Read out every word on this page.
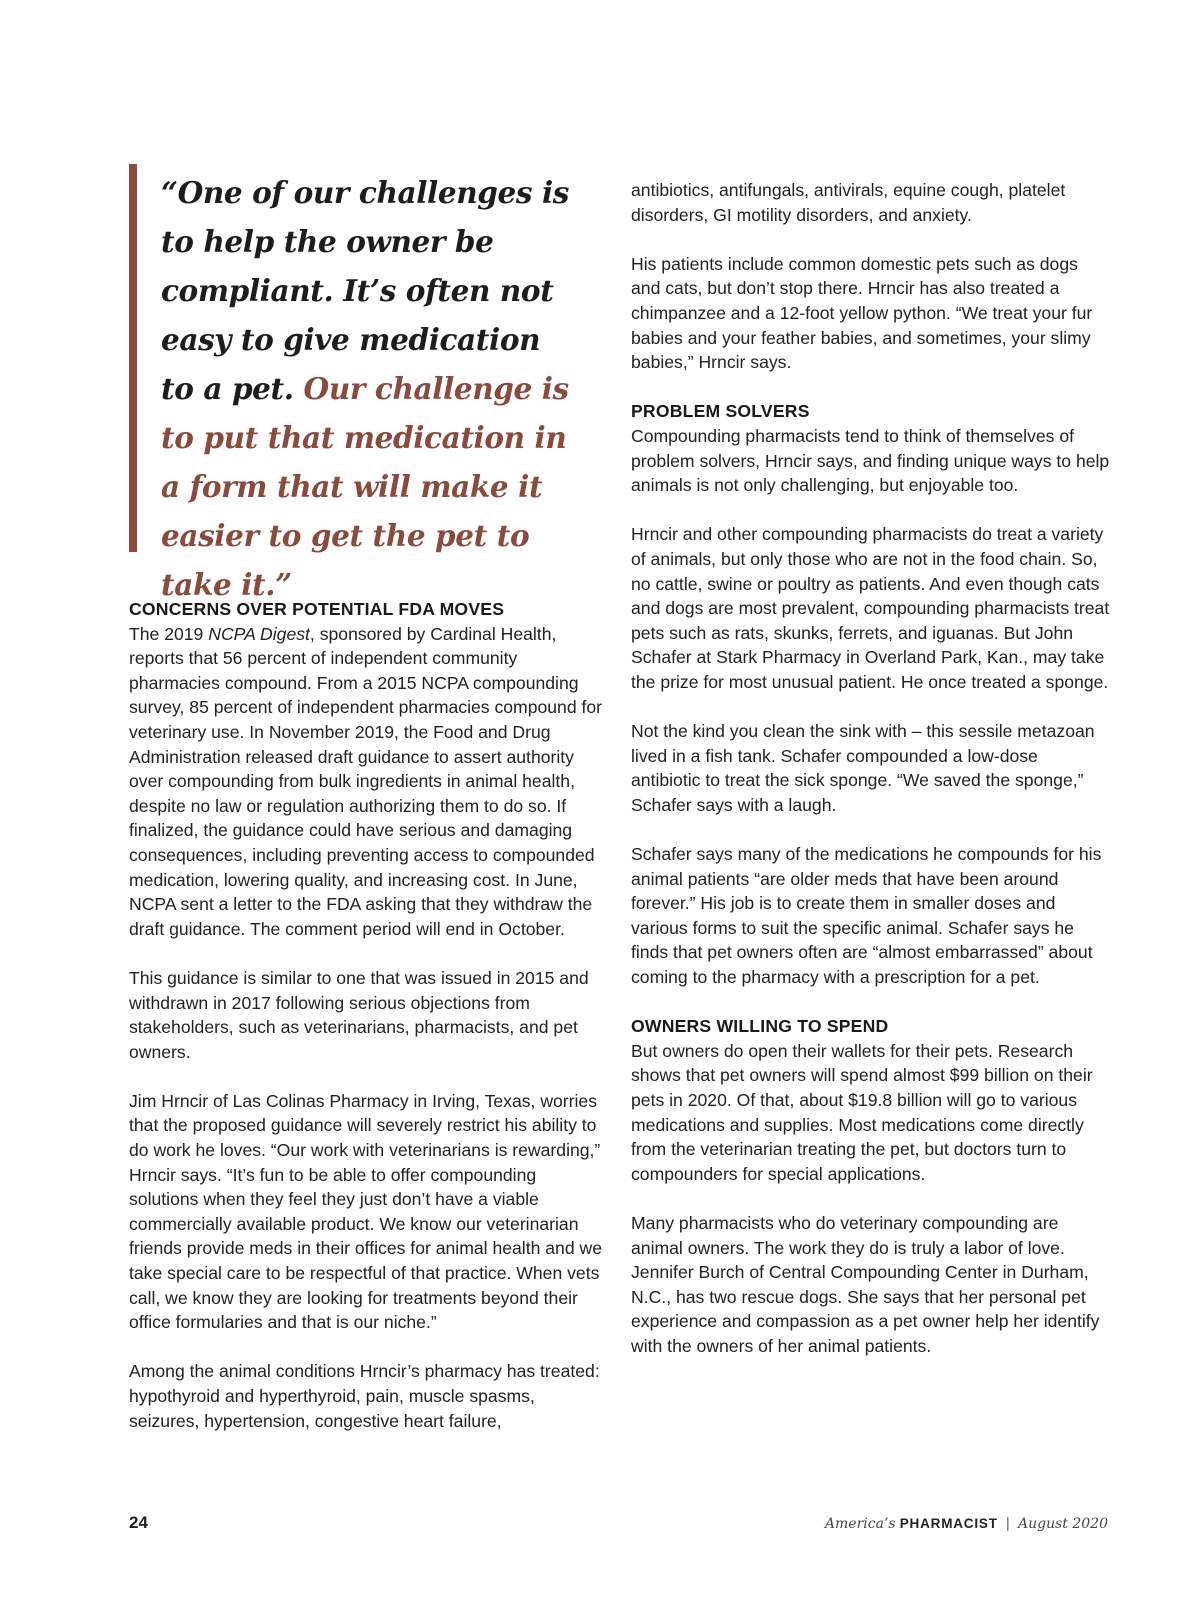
“One of our challenges is to help the owner be compliant. It’s often not easy to give medication to a pet. Our challenge is to put that medication in a form that will make it easier to get the pet to take it.”

CONCERNS OVER POTENTIAL FDA MOVES

The 2019 NCPA Digest, sponsored by Cardinal Health, reports that 56 percent of independent community pharmacies compound. From a 2015 NCPA compounding survey, 85 percent of independent pharmacies compound for veterinary use. In November 2019, the Food and Drug Administration released draft guidance to assert authority over compounding from bulk ingredients in animal health, despite no law or regulation authorizing them to do so. If finalized, the guidance could have serious and damaging consequences, including preventing access to compounded medication, lowering quality, and increasing cost. In June, NCPA sent a letter to the FDA asking that they withdraw the draft guidance. The comment period will end in October.

This guidance is similar to one that was issued in 2015 and withdrawn in 2017 following serious objections from stakeholders, such as veterinarians, pharmacists, and pet owners.

Jim Hrncir of Las Colinas Pharmacy in Irving, Texas, worries that the proposed guidance will severely restrict his ability to do work he loves. “Our work with veterinarians is rewarding,” Hrncir says. “It’s fun to be able to offer compounding solutions when they feel they just don’t have a viable commercially available product. We know our veterinarian friends provide meds in their offices for animal health and we take special care to be respectful of that practice. When vets call, we know they are looking for treatments beyond their office formularies and that is our niche.”

Among the animal conditions Hrncir’s pharmacy has treated: hypothyroid and hyperthyroid, pain, muscle spasms, seizures, hypertension, congestive heart failure,

antibiotics, antifungals, antivirals, equine cough, platelet disorders, GI motility disorders, and anxiety.

His patients include common domestic pets such as dogs and cats, but don’t stop there. Hrncir has also treated a chimpanzee and a 12-foot yellow python. “We treat your fur babies and your feather babies, and sometimes, your slimy babies,” Hrncir says.

PROBLEM SOLVERS

Compounding pharmacists tend to think of themselves of problem solvers, Hrncir says, and finding unique ways to help animals is not only challenging, but enjoyable too.

Hrncir and other compounding pharmacists do treat a variety of animals, but only those who are not in the food chain. So, no cattle, swine or poultry as patients. And even though cats and dogs are most prevalent, compounding pharmacists treat pets such as rats, skunks, ferrets, and iguanas. But John Schafer at Stark Pharmacy in Overland Park, Kan., may take the prize for most unusual patient. He once treated a sponge.

Not the kind you clean the sink with – this sessile metazoan lived in a fish tank. Schafer compounded a low-dose antibiotic to treat the sick sponge. “We saved the sponge,” Schafer says with a laugh.

Schafer says many of the medications he compounds for his animal patients “are older meds that have been around forever.” His job is to create them in smaller doses and various forms to suit the specific animal. Schafer says he finds that pet owners often are “almost embarrassed” about coming to the pharmacy with a prescription for a pet.

OWNERS WILLING TO SPEND

But owners do open their wallets for their pets. Research shows that pet owners will spend almost $99 billion on their pets in 2020. Of that, about $19.8 billion will go to various medications and supplies. Most medications come directly from the veterinarian treating the pet, but doctors turn to compounders for special applications.

Many pharmacists who do veterinary compounding are animal owners. The work they do is truly a labor of love. Jennifer Burch of Central Compounding Center in Durham, N.C., has two rescue dogs. She says that her personal pet experience and compassion as a pet owner help her identify with the owners of her animal patients.

24	America’s PHARMACIST | August 2020
